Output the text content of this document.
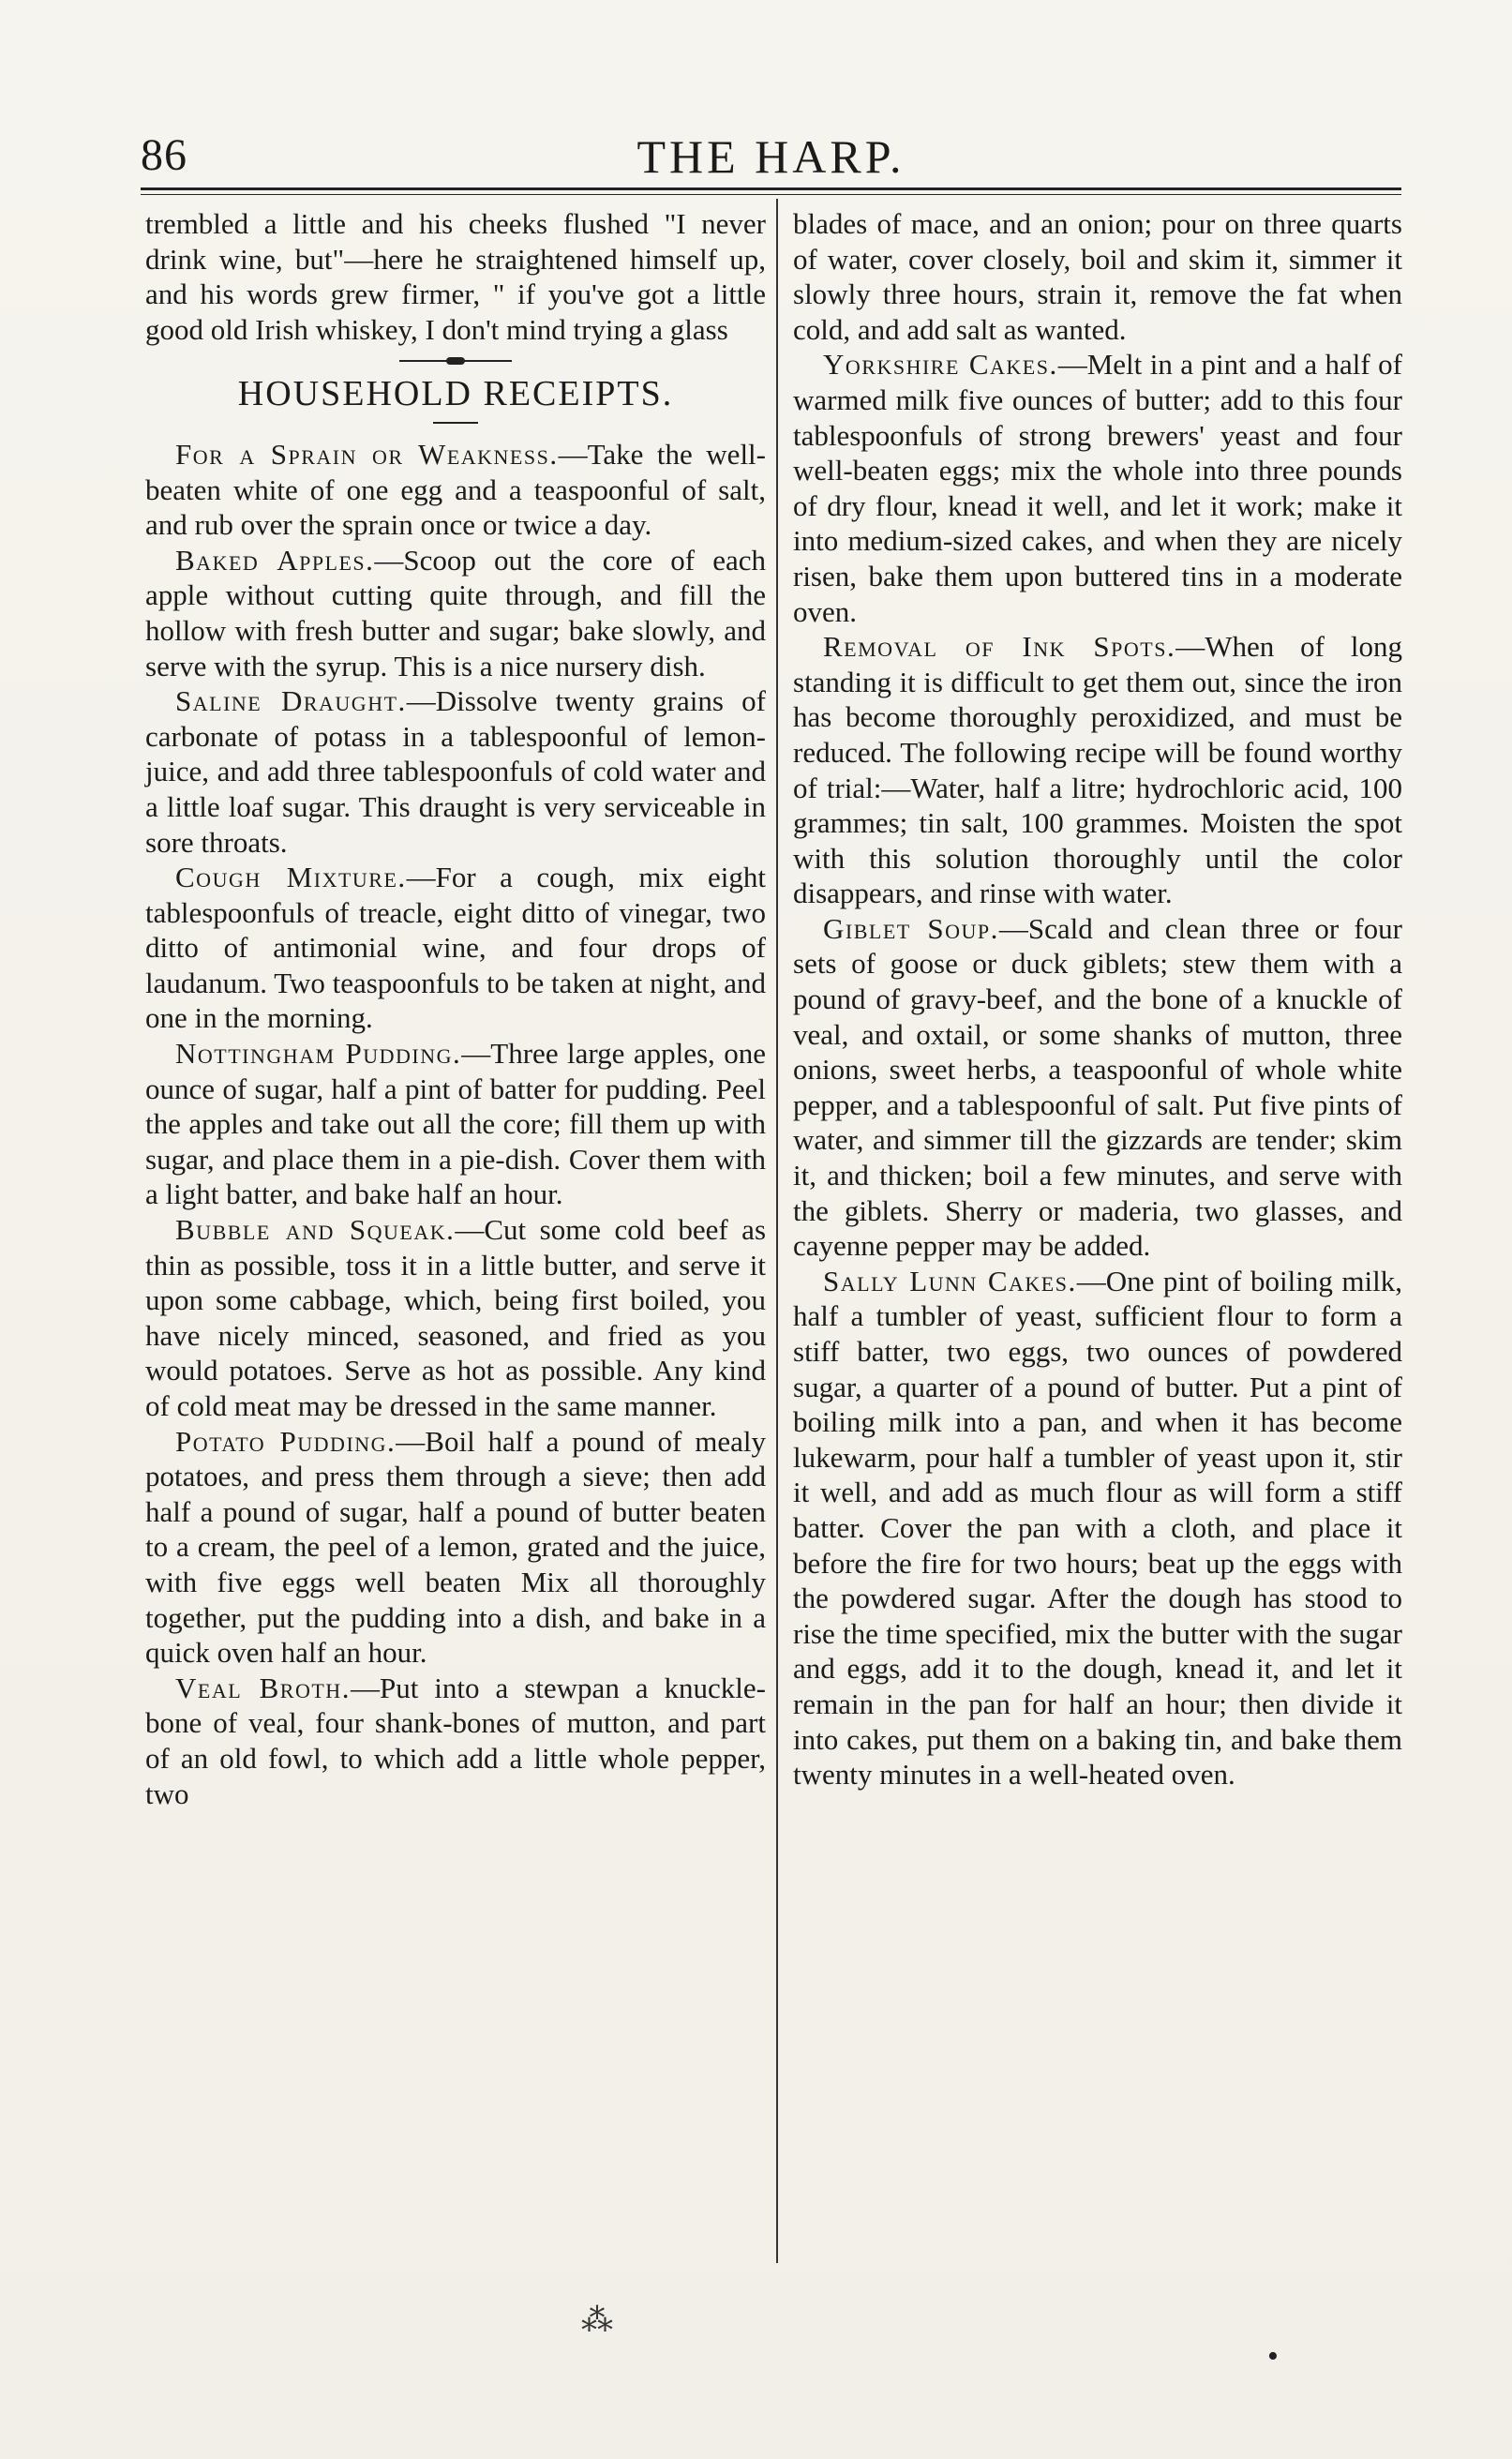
86	THE HARP.

trembled a little and his cheeks flushed "I never drink wine, but"—here he straightened himself up, and his words grew firmer, " if you've got a little good old Irish whiskey, I don't mind trying a glass

HOUSEHOLD RECEIPTS.

For a Sprain or Weakness.—Take the well-beaten white of one egg and a teaspoonful of salt, and rub over the sprain once or twice a day.

Baked Apples.—Scoop out the core of each apple without cutting quite through, and fill the hollow with fresh butter and sugar; bake slowly, and serve with the syrup. This is a nice nursery dish.

Saline Draught.—Dissolve twenty grains of carbonate of potass in a tablespoonful of lemon-juice, and add three tablespoonfuls of cold water and a little loaf sugar. This draught is very serviceable in sore throats.

Cough Mixture.—For a cough, mix eight tablespoonfuls of treacle, eight ditto of vinegar, two ditto of antimonial wine, and four drops of laudanum. Two teaspoonfuls to be taken at night, and one in the morning.

Nottingham Pudding.—Three large apples, one ounce of sugar, half a pint of batter for pudding. Peel the apples and take out all the core; fill them up with sugar, and place them in a pie-dish. Cover them with a light batter, and bake half an hour.

Bubble and Squeak.—Cut some cold beef as thin as possible, toss it in a little butter, and serve it upon some cabbage, which, being first boiled, you have nicely minced, seasoned, and fried as you would potatoes. Serve as hot as possible. Any kind of cold meat may be dressed in the same manner.

Potato Pudding.—Boil half a pound of mealy potatoes, and press them through a sieve; then add half a pound of sugar, half a pound of butter beaten to a cream, the peel of a lemon, grated and the juice, with five eggs well beaten Mix all thoroughly together, put the pudding into a dish, and bake in a quick oven half an hour.

Veal Broth.—Put into a stewpan a knuckle-bone of veal, four shank-bones of mutton, and part of an old fowl, to which add a little whole pepper, two

blades of mace, and an onion; pour on three quarts of water, cover closely, boil and skim it, simmer it slowly three hours, strain it, remove the fat when cold, and add salt as wanted.

Yorkshire Cakes.—Melt in a pint and a half of warmed milk five ounces of butter; add to this four tablespoonfuls of strong brewers' yeast and four well-beaten eggs; mix the whole into three pounds of dry flour, knead it well, and let it work; make it into medium-sized cakes, and when they are nicely risen, bake them upon buttered tins in a moderate oven.

Removal of Ink Spots.—When of long standing it is difficult to get them out, since the iron has become thoroughly peroxidized, and must be reduced. The following recipe will be found worthy of trial:—Water, half a litre; hydrochloric acid, 100 grammes; tin salt, 100 grammes. Moisten the spot with this solution thoroughly until the color disappears, and rinse with water.

Giblet Soup.—Scald and clean three or four sets of goose or duck giblets; stew them with a pound of gravy-beef, and the bone of a knuckle of veal, and oxtail, or some shanks of mutton, three onions, sweet herbs, a teaspoonful of whole white pepper, and a tablespoonful of salt. Put five pints of water, and simmer till the gizzards are tender; skim it, and thicken; boil a few minutes, and serve with the giblets. Sherry or maderia, two glasses, and cayenne pepper may be added.

Sally Lunn Cakes.—One pint of boiling milk, half a tumbler of yeast, sufficient flour to form a stiff batter, two eggs, two ounces of powdered sugar, a quarter of a pound of butter. Put a pint of boiling milk into a pan, and when it has become lukewarm, pour half a tumbler of yeast upon it, stir it well, and add as much flour as will form a stiff batter. Cover the pan with a cloth, and place it before the fire for two hours; beat up the eggs with the powdered sugar. After the dough has stood to rise the time specified, mix the butter with the sugar and eggs, add it to the dough, knead it, and let it remain in the pan for half an hour; then divide it into cakes, put them on a baking tin, and bake them twenty minutes in a well-heated oven.

⁂
•
